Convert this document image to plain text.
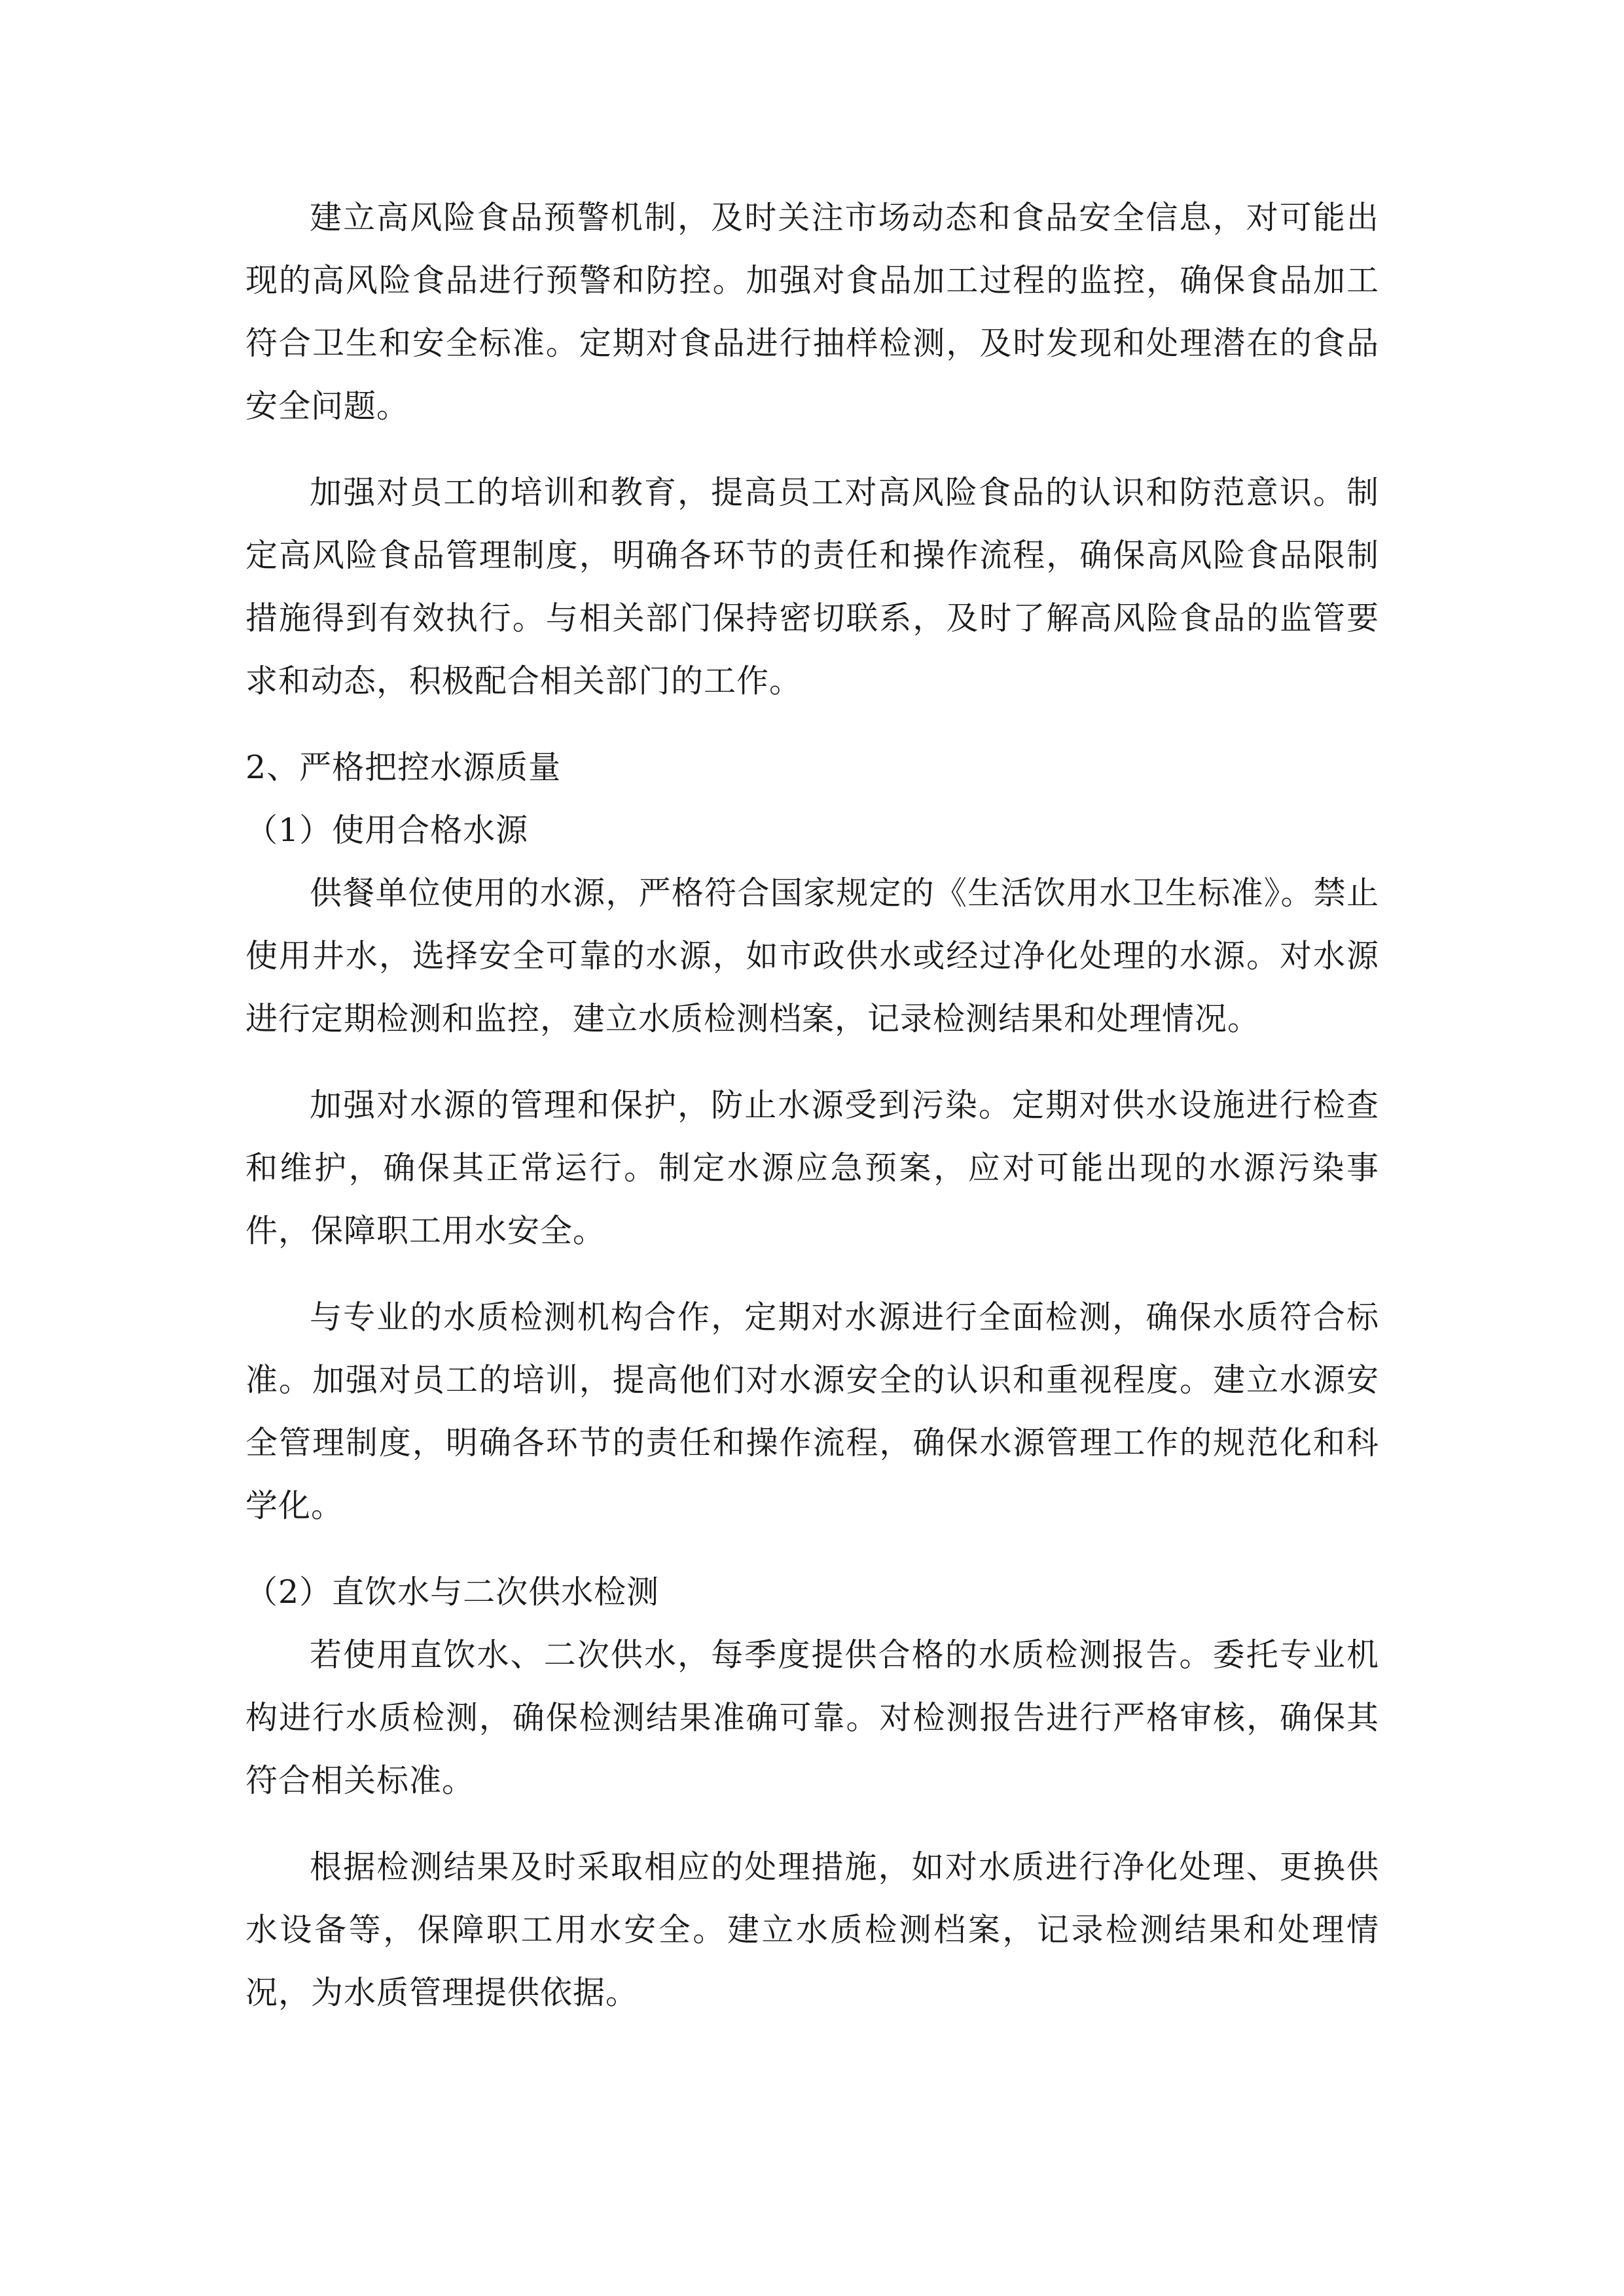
建立高风险食品预警机制，及时关注市场动态和食品安全信息，对可能出现的高风险食品进行预警和防控。加强对食品加工过程的监控，确保食品加工符合卫生和安全标准。定期对食品进行抽样检测，及时发现和处理潜在的食品安全问题。

加强对员工的培训和教育，提高员工对高风险食品的认识和防范意识。制定高风险食品管理制度，明确各环节的责任和操作流程，确保高风险食品限制措施得到有效执行。与相关部门保持密切联系，及时了解高风险食品的监管要求和动态，积极配合相关部门的工作。

2、严格把控水源质量

（1）使用合格水源

供餐单位使用的水源，严格符合国家规定的《生活饮用水卫生标准》。禁止使用井水，选择安全可靠的水源，如市政供水或经过净化处理的水源。对水源进行定期检测和监控，建立水质检测档案，记录检测结果和处理情况。

加强对水源的管理和保护，防止水源受到污染。定期对供水设施进行检查和维护，确保其正常运行。制定水源应急预案，应对可能出现的水源污染事件，保障职工用水安全。

与专业的水质检测机构合作，定期对水源进行全面检测，确保水质符合标准。加强对员工的培训，提高他们对水源安全的认识和重视程度。建立水源安全管理制度，明确各环节的责任和操作流程，确保水源管理工作的规范化和科学化。

（2）直饮水与二次供水检测

若使用直饮水、二次供水，每季度提供合格的水质检测报告。委托专业机构进行水质检测，确保检测结果准确可靠。对检测报告进行严格审核，确保其符合相关标准。

根据检测结果及时采取相应的处理措施，如对水质进行净化处理、更换供水设备等，保障职工用水安全。建立水质检测档案，记录检测结果和处理情况，为水质管理提供依据。
